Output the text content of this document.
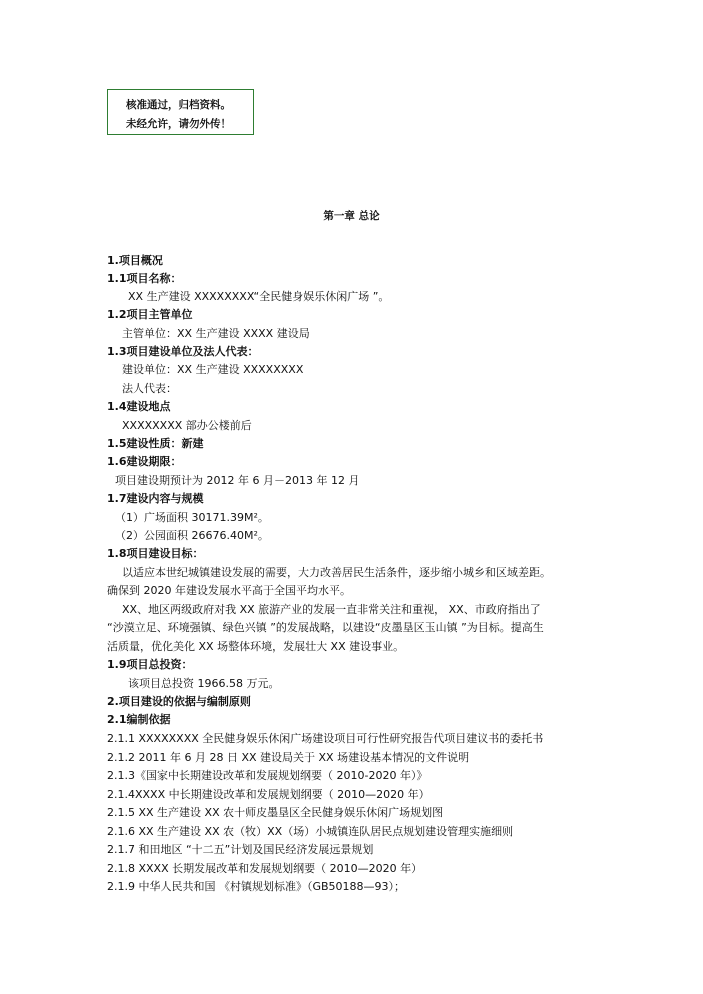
核准通过，归档资料。
未经允许，请勿外传！
第一章 总论
1.项目概况
1.1项目名称：
XX 生产建设 XXXXXXXX“全民健身娱乐休闲广场 ”。
1.2项目主管单位
主管单位：XX 生产建设 XXXX 建设局
1.3项目建设单位及法人代表：
建设单位：XX 生产建设 XXXXXXXX
法人代表：
1.4建设地点
XXXXXXXX 部办公楼前后
1.5建设性质：新建
1.6建设期限：
项目建设期预计为 2012 年 6 月－2013 年 12 月
1.7建设内容与规模
（1）广场面积 30171.39M²。
（2）公园面积 26676.40M²。
1.8项目建设目标：
以适应本世纪城镇建设发展的需要，大力改善居民生活条件，逐步缩小城乡和区域差距。
确保到 2020 年建设发展水平高于全国平均水平。
XX、地区两级政府对我 XX 旅游产业的发展一直非常关注和重视， XX、市政府指出了
“沙漠立足、环境强镇、绿色兴镇 ”的发展战略，以建设“皮墨垦区玉山镇 ”为目标。提高生
活质量，优化美化 XX 场整体环境，发展壮大 XX 建设事业。
1.9项目总投资：
该项目总投资 1966.58 万元。
2.项目建设的依据与编制原则
2.1编制依据
2.1.1 XXXXXXXX 全民健身娱乐休闲广场建设项目可行性研究报告代项目建议书的委托书
2.1.2 2011 年 6 月 28 日 XX 建设局关于 XX 场建设基本情况的文件说明
2.1.3《国家中长期建设改革和发展规划纲要（ 2010-2020 年）》
2.1.4XXXX 中长期建设改革和发展规划纲要（ 2010—2020 年）
2.1.5 XX 生产建设 XX 农十师皮墨垦区全民健身娱乐休闲广场规划图
2.1.6 XX 生产建设 XX 农（牧）XX（场）小城镇连队居民点规划建设管理实施细则
2.1.7 和田地区 “十二五”计划及国民经济发展远景规划
2.1.8 XXXX 长期发展改革和发展规划纲要（ 2010—2020 年）
2.1.9 中华人民共和国 《村镇规划标准》（GB50188—93）；
